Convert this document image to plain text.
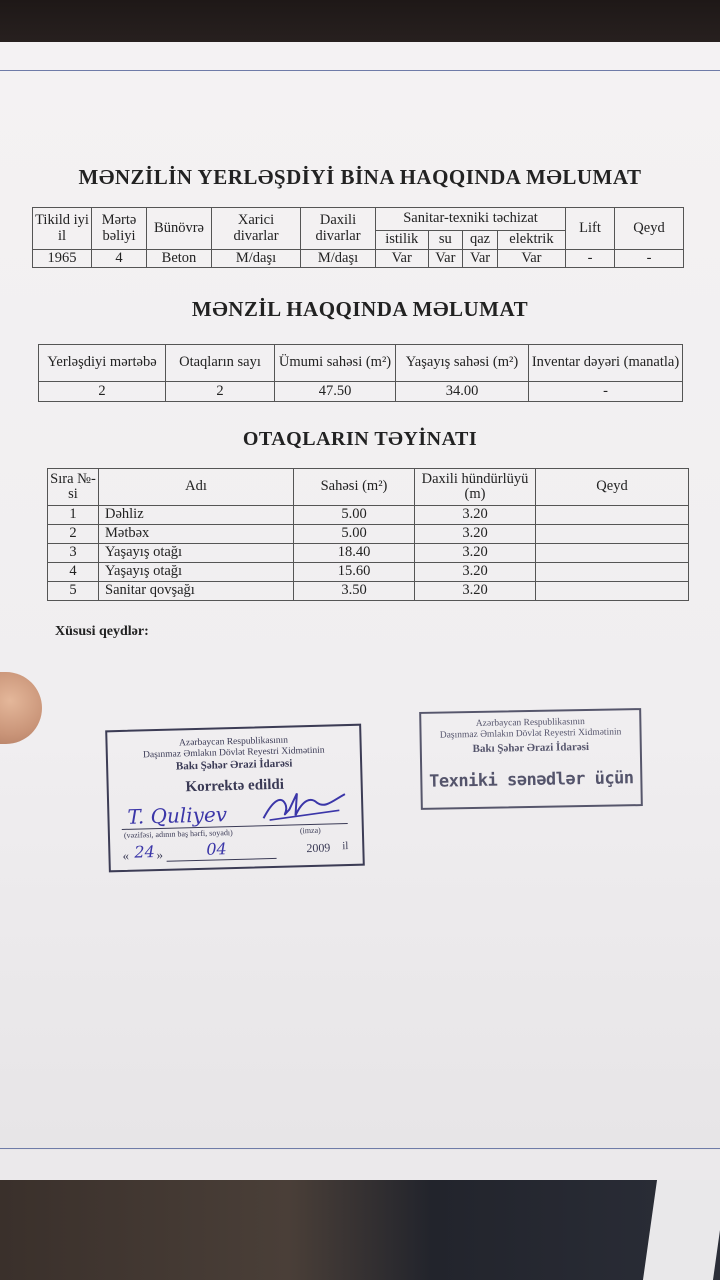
MƏNZİLİN YERLƏŞDİYİ BİNA HAQQINDA MƏLUMAT
Tikild iyi il	Mərtə bəliyi	Bünövrə	Xarici divarlar	Daxili divarlar	Sanitar-texniki təchizat				Lift	Qeyd
					istilik	su	qaz	elektrik		
1965	4	Beton	M/daşı	M/daşı	Var	Var	Var	Var	-	-
MƏNZİL HAQQINDA MƏLUMAT
Yerləşdiyi mərtəbə	Otaqların sayı	Ümumi sahəsi (m²)	Yaşayış sahəsi (m²)	Inventar dəyəri (manatla)
2	2	47.50	34.00	-
OTAQLARIN TƏYİNATI
Sıra №-si	Adı	Sahəsi (m²)	Daxili hündürlüyü (m)	Qeyd
1	Dəhliz	5.00	3.20	
2	Mətbəx	5.00	3.20	
3	Yaşayış otağı	18.40	3.20	
4	Yaşayış otağı	15.60	3.20	
5	Sanitar qovşağı	3.50	3.20	
Xüsusi qeydlər:
Azərbaycan Respublikasının
Daşınmaz Əmlakın Dövlət Reyestri Xidmətinin
Bakı Şəhər Ərazi İdarəsi
Korrektə edildi
T. Quliyev
(vəzifəsi, adının baş hərfi, soyadı)	(imza)
« 24 »	04	2009 il
Azərbaycan Respublikasının
Daşınmaz Əmlakın Dövlət Reyestri Xidmətinin
Bakı Şəhər Ərazi İdarəsi
Texniki sənədlər üçün
